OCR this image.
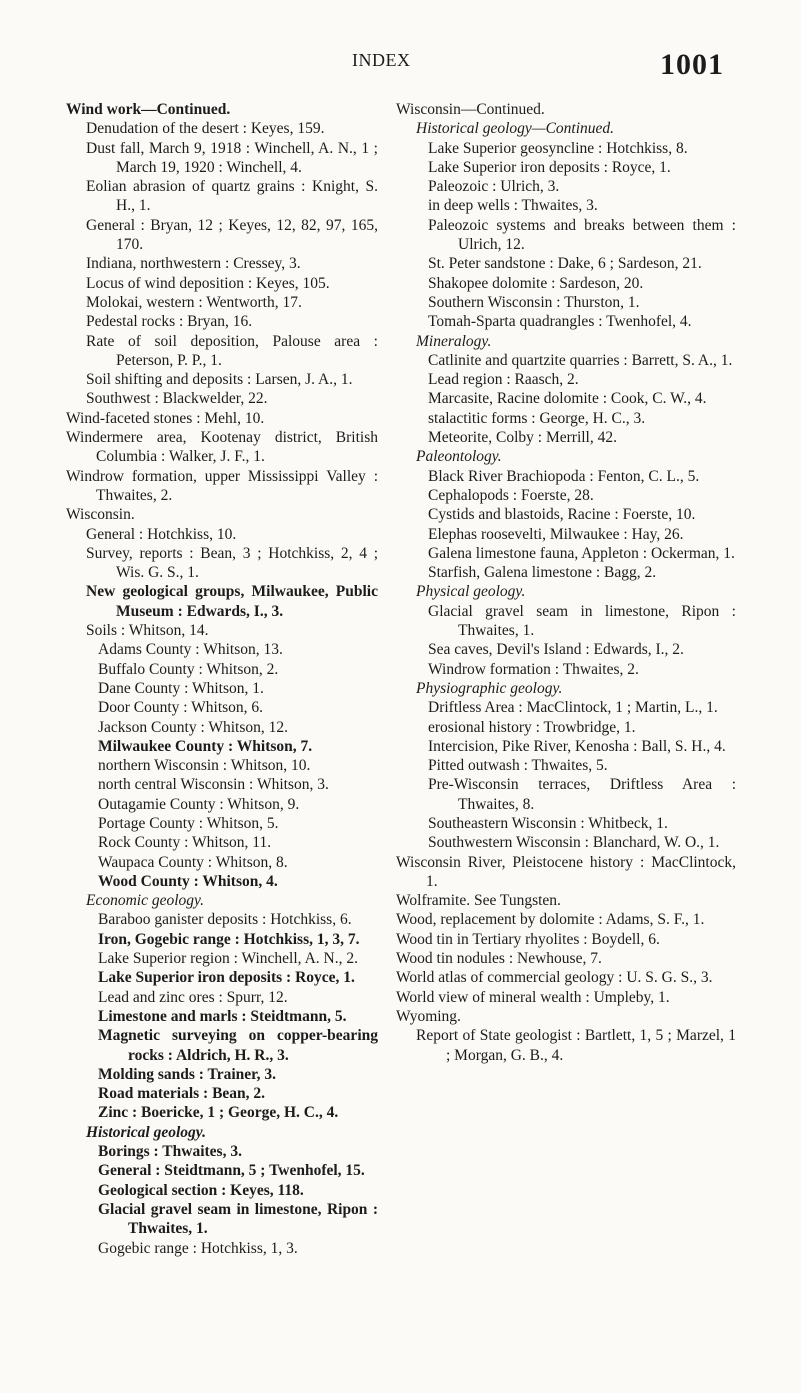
INDEX	1001

Wind work—Continued.

Denudation of the desert : Keyes, 159.

Dust fall, March 9, 1918 : Winchell, A. N., 1 ; March 19, 1920 : Winchell, 4.

Eolian abrasion of quartz grains : Knight, S. H., 1.

General : Bryan, 12 ; Keyes, 12, 82, 97, 165, 170.

Indiana, northwestern : Cressey, 3.

Locus of wind deposition : Keyes, 105.

Molokai, western : Wentworth, 17.

Pedestal rocks : Bryan, 16.

Rate of soil deposition, Palouse area : Peterson, P. P., 1.

Soil shifting and deposits : Larsen, J. A., 1.

Southwest : Blackwelder, 22.

Wind-faceted stones : Mehl, 10.

Windermere area, Kootenay district, British Columbia : Walker, J. F., 1.

Windrow formation, upper Mississippi Valley : Thwaites, 2.

Wisconsin.

General : Hotchkiss, 10.

Survey, reports : Bean, 3 ; Hotchkiss, 2, 4 ; Wis. G. S., 1.

New geological groups, Milwaukee, Public Museum : Edwards, I., 3.

Soils : Whitson, 14.

Adams County : Whitson, 13.

Buffalo County : Whitson, 2.

Dane County : Whitson, 1.

Door County : Whitson, 6.

Jackson County : Whitson, 12.

Milwaukee County : Whitson, 7.

northern Wisconsin : Whitson, 10.

north central Wisconsin : Whitson, 3.

Outagamie County : Whitson, 9.

Portage County : Whitson, 5.

Rock County : Whitson, 11.

Waupaca County : Whitson, 8.

Wood County : Whitson, 4.

Economic geology.

Baraboo ganister deposits : Hotchkiss, 6.

Iron, Gogebic range : Hotchkiss, 1, 3, 7.

Lake Superior region : Winchell, A. N., 2.

Lake Superior iron deposits : Royce, 1.

Lead and zinc ores : Spurr, 12.

Limestone and marls : Steidtmann, 5.

Magnetic surveying on copper-bearing rocks : Aldrich, H. R., 3.

Molding sands : Trainer, 3.

Road materials : Bean, 2.

Zinc : Boericke, 1 ; George, H. C., 4.

Historical geology.

Borings : Thwaites, 3.

General : Steidtmann, 5 ; Twenhofel, 15.

Geological section : Keyes, 118.

Glacial gravel seam in limestone, Ripon : Thwaites, 1.

Gogebic range : Hotchkiss, 1, 3.

Wisconsin—Continued.

Historical geology—Continued.

Lake Superior geosyncline : Hotchkiss, 8.

Lake Superior iron deposits : Royce, 1.

Paleozoic : Ulrich, 3.

in deep wells : Thwaites, 3.

Paleozoic systems and breaks between them : Ulrich, 12.

St. Peter sandstone : Dake, 6 ; Sardeson, 21.

Shakopee dolomite : Sardeson, 20.

Southern Wisconsin : Thurston, 1.

Tomah-Sparta quadrangles : Twenhofel, 4.

Mineralogy.

Catlinite and quartzite quarries : Barrett, S. A., 1.

Lead region : Raasch, 2.

Marcasite, Racine dolomite : Cook, C. W., 4.

stalactitic forms : George, H. C., 3.

Meteorite, Colby : Merrill, 42.

Paleontology.

Black River Brachiopoda : Fenton, C. L., 5.

Cephalopods : Foerste, 28.

Cystids and blastoids, Racine : Foerste, 10.

Elephas roosevelti, Milwaukee : Hay, 26.

Galena limestone fauna, Appleton : Ockerman, 1.

Starfish, Galena limestone : Bagg, 2.

Physical geology.

Glacial gravel seam in limestone, Ripon : Thwaites, 1.

Sea caves, Devil's Island : Edwards, I., 2.

Windrow formation : Thwaites, 2.

Physiographic geology.

Driftless Area : MacClintock, 1 ; Martin, L., 1.

erosional history : Trowbridge, 1.

Intercision, Pike River, Kenosha : Ball, S. H., 4.

Pitted outwash : Thwaites, 5.

Pre-Wisconsin terraces, Driftless Area : Thwaites, 8.

Southeastern Wisconsin : Whitbeck, 1.

Southwestern Wisconsin : Blanchard, W. O., 1.

Wisconsin River, Pleistocene history : MacClintock, 1.

Wolframite. See Tungsten.

Wood, replacement by dolomite : Adams, S. F., 1.

Wood tin in Tertiary rhyolites : Boydell, 6.

Wood tin nodules : Newhouse, 7.

World atlas of commercial geology : U. S. G. S., 3.

World view of mineral wealth : Umpleby, 1.

Wyoming.

Report of State geologist : Bartlett, 1, 5 ; Marzel, 1 ; Morgan, G. B., 4.
